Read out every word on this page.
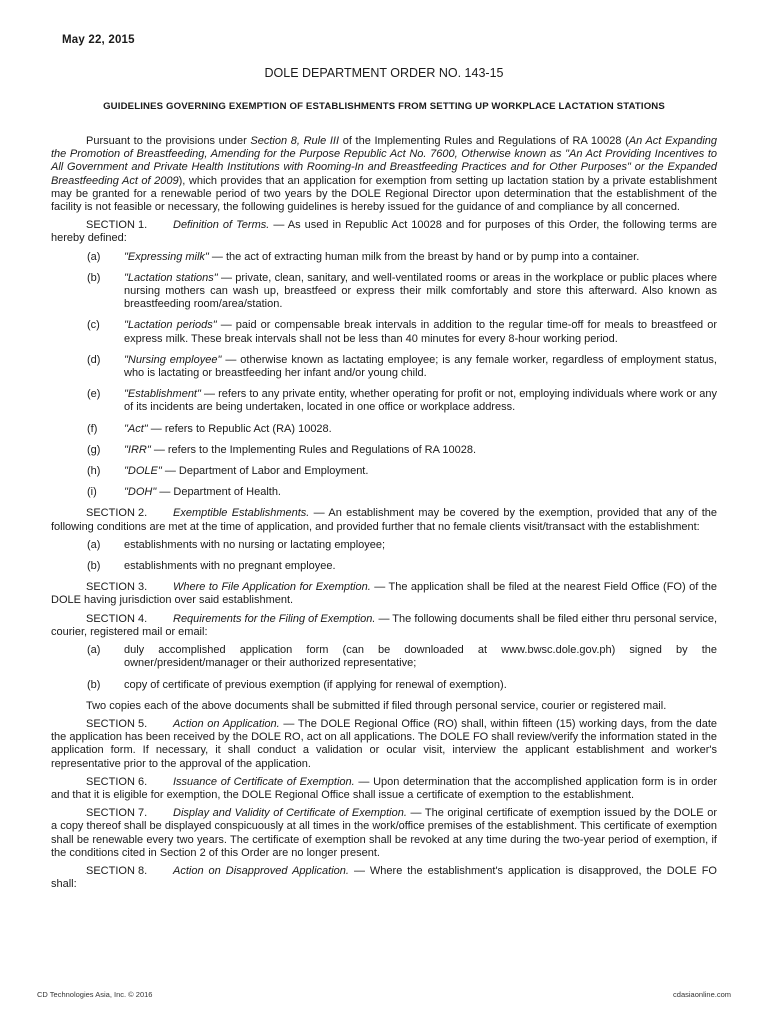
May 22, 2015
DOLE DEPARTMENT ORDER NO. 143-15
GUIDELINES GOVERNING EXEMPTION OF ESTABLISHMENTS FROM SETTING UP WORKPLACE LACTATION STATIONS

Pursuant to the provisions under Section 8, Rule III of the Implementing Rules and Regulations of RA 10028 (An Act Expanding the Promotion of Breastfeeding, Amending for the Purpose Republic Act No. 7600, Otherwise known as "An Act Providing Incentives to All Government and Private Health Institutions with Rooming-In and Breastfeeding Practices and for Other Purposes" or the Expanded Breastfeeding Act of 2009), which provides that an application for exemption from setting up lactation station by a private establishment may be granted for a renewable period of two years by the DOLE Regional Director upon determination that the establishment of the facility is not feasible or necessary, the following guidelines is hereby issued for the guidance of and compliance by all concerned.

SECTION 1. Definition of Terms. — As used in Republic Act 10028 and for purposes of this Order, the following terms are hereby defined:

(a)	"Expressing milk" — the act of extracting human milk from the breast by hand or by pump into a container.
(b)	"Lactation stations" — private, clean, sanitary, and well-ventilated rooms or areas in the workplace or public places where nursing mothers can wash up, breastfeed or express their milk comfortably and store this afterward. Also known as breastfeeding room/area/station.
(c)	"Lactation periods" — paid or compensable break intervals in addition to the regular time-off for meals to breastfeed or express milk. These break intervals shall not be less than 40 minutes for every 8-hour working period.
(d)	"Nursing employee" — otherwise known as lactating employee; is any female worker, regardless of employment status, who is lactating or breastfeeding her infant and/or young child.
(e)	"Establishment" — refers to any private entity, whether operating for profit or not, employing individuals where work or any of its incidents are being undertaken, located in one office or workplace address.
(f)	"Act" — refers to Republic Act (RA) 10028.
(g)	"IRR" — refers to the Implementing Rules and Regulations of RA 10028.
(h)	"DOLE" — Department of Labor and Employment.
(i)	"DOH" — Department of Health.

SECTION 2. Exemptible Establishments. — An establishment may be covered by the exemption, provided that any of the following conditions are met at the time of application, and provided further that no female clients visit/transact with the establishment:

(a)	establishments with no nursing or lactating employee;
(b)	establishments with no pregnant employee.

SECTION 3. Where to File Application for Exemption. — The application shall be filed at the nearest Field Office (FO) of the DOLE having jurisdiction over said establishment.

SECTION 4. Requirements for the Filing of Exemption. — The following documents shall be filed either thru personal service, courier, registered mail or email:

(a)	duly accomplished application form (can be downloaded at www.bwsc.dole.gov.ph) signed by the owner/president/manager or their authorized representative;
(b)	copy of certificate of previous exemption (if applying for renewal of exemption).

Two copies each of the above documents shall be submitted if filed through personal service, courier or registered mail.

SECTION 5. Action on Application. — The DOLE Regional Office (RO) shall, within fifteen (15) working days, from the date the application has been received by the DOLE RO, act on all applications. The DOLE FO shall review/verify the information stated in the application form. If necessary, it shall conduct a validation or ocular visit, interview the applicant establishment and worker's representative prior to the approval of the application.

SECTION 6. Issuance of Certificate of Exemption. — Upon determination that the accomplished application form is in order and that it is eligible for exemption, the DOLE Regional Office shall issue a certificate of exemption to the establishment.

SECTION 7. Display and Validity of Certificate of Exemption. — The original certificate of exemption issued by the DOLE or a copy thereof shall be displayed conspicuously at all times in the work/office premises of the establishment. This certificate of exemption shall be renewable every two years. The certificate of exemption shall be revoked at any time during the two-year period of exemption, if the conditions cited in Section 2 of this Order are no longer present.

SECTION 8. Action on Disapproved Application. — Where the establishment's application is disapproved, the DOLE FO shall:

CD Technologies Asia, Inc. © 2016	cdasiaonline.com
